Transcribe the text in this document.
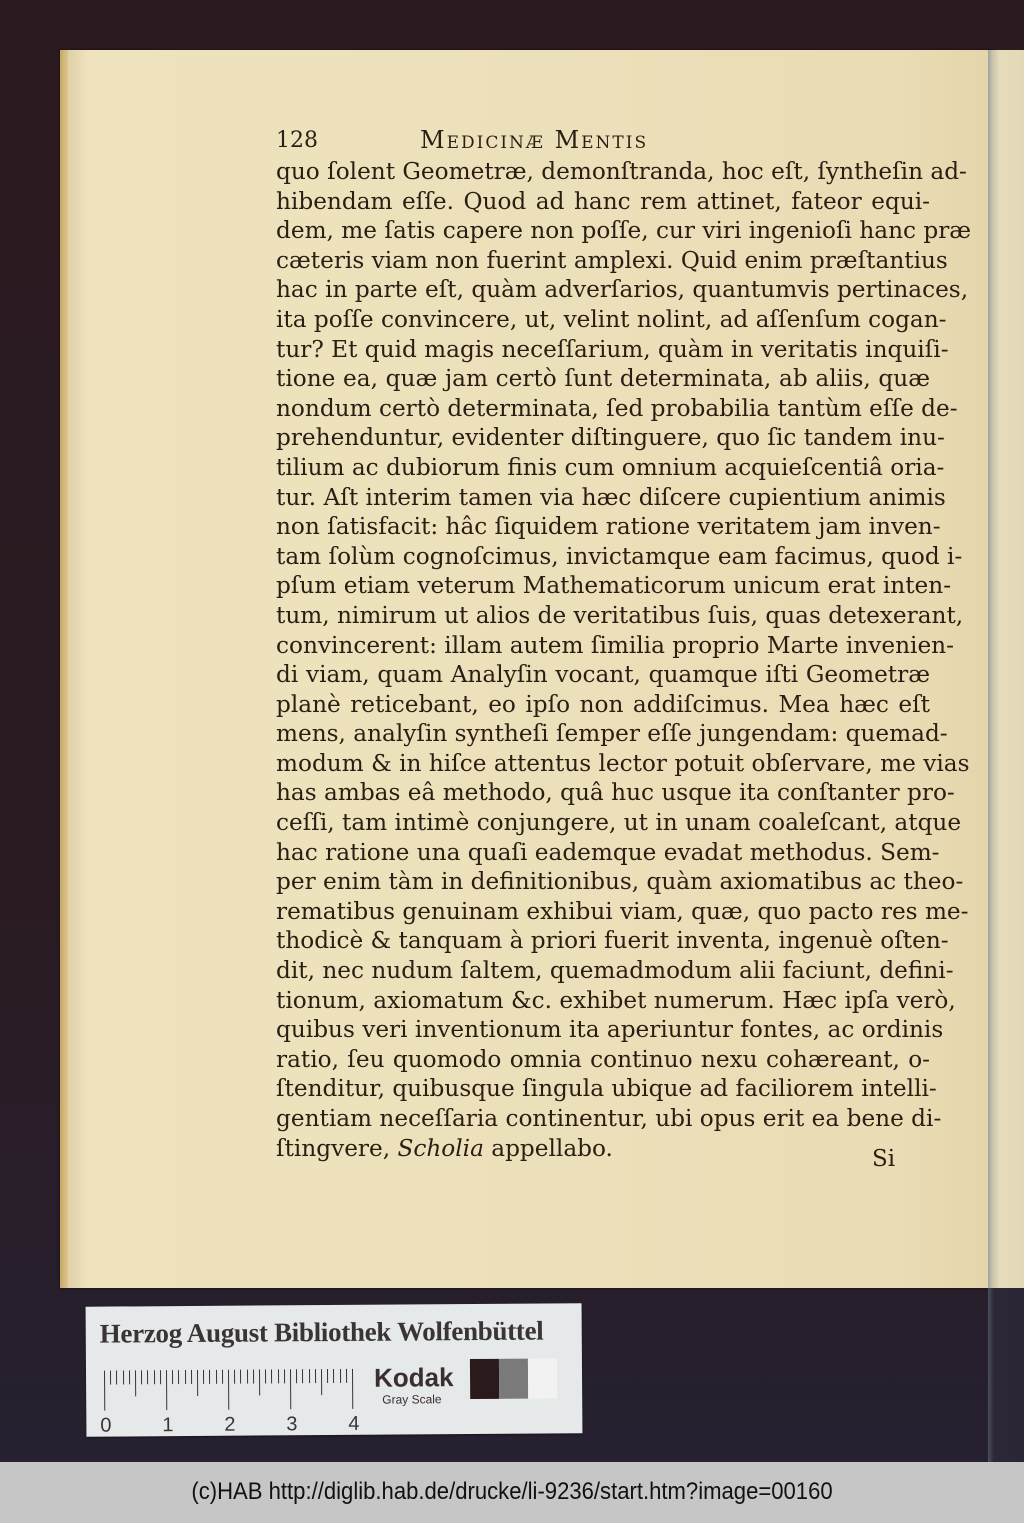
128	Medicinæ Mentis
quo ſolent Geometræ, demonſtranda, hoc eſt, ſyntheſin ad-
hibendam eſſe. Quod ad hanc rem attinet, fateor equi-
dem, me ſatis capere non poſſe, cur viri ingenioſi hanc præ
cæteris viam non fuerint amplexi. Quid enim præſtantius
hac in parte eſt, quàm adverſarios, quantumvis pertinaces,
ita poſſe convincere, ut, velint nolint, ad aſſenſum cogan-
tur? Et quid magis neceſſarium, quàm in veritatis inquiſi-
tione ea, quæ jam certò ſunt determinata, ab aliis, quæ
nondum certò determinata, ſed probabilia tantùm eſſe de-
prehenduntur, evidenter diſtinguere, quo ſic tandem inu-
tilium ac dubiorum finis cum omnium acquieſcentiâ oria-
tur. Aſt interim tamen via hæc diſcere cupientium animis
non ſatisfacit: hâc ſiquidem ratione veritatem jam inven-
tam ſolùm cognoſcimus, invictamque eam facimus, quod i-
pſum etiam veterum Mathematicorum unicum erat inten-
tum, nimirum ut alios de veritatibus ſuis, quas detexerant,
convincerent: illam autem ſimilia proprio Marte invenien-
di viam, quam Analyſin vocant, quamque iſti Geometræ
planè reticebant, eo ipſo non addiſcimus. Mea hæc eſt
mens, analyſin syntheſi ſemper eſſe jungendam: quemad-
modum & in hiſce attentus lector potuit obſervare, me vias
has ambas eâ methodo, quâ huc usque ita conſtanter pro-
ceſſi, tam intimè conjungere, ut in unam coaleſcant, atque
hac ratione una quaſi eademque evadat methodus. Sem-
per enim tàm in definitionibus, quàm axiomatibus ac theo-
rematibus genuinam exhibui viam, quæ, quo pacto res me-
thodicè & tanquam à priori fuerit inventa, ingenuè oſten-
dit, nec nudum ſaltem, quemadmodum alii faciunt, defini-
tionum, axiomatum &c. exhibet numerum. Hæc ipſa verò,
quibus veri inventionum ita aperiuntur fontes, ac ordinis
ratio, ſeu quomodo omnia continuo nexu cohæreant, o-
ſtenditur, quibusque ſingula ubique ad faciliorem intelli-
gentiam neceſſaria continentur, ubi opus erit ea bene di-
ſtingvere, Scholia appellabo.	Si
Herzog August Bibliothek Wolfenbüttel
0	1	2	3	4
Kodak
Gray Scale
(c)HAB http://diglib.hab.de/drucke/li-9236/start.htm?image=00160
